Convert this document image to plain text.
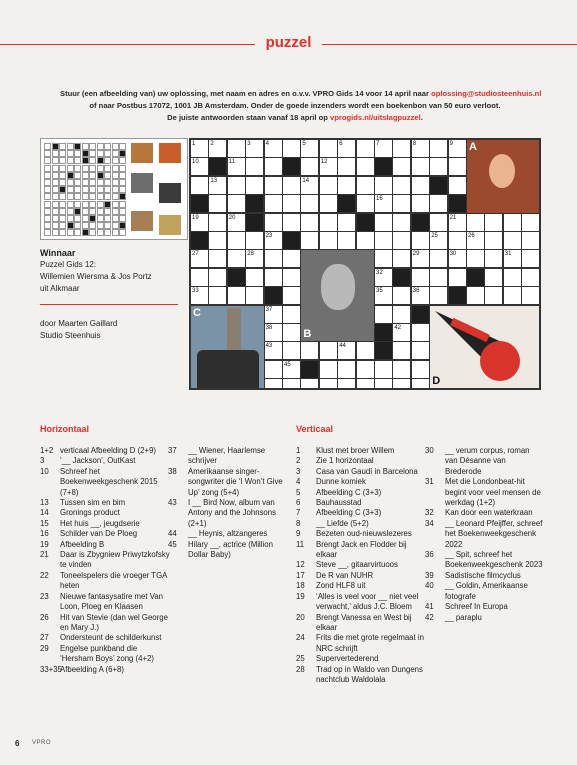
puzzel
Stuur (een afbeelding van) uw oplossing, met naam en adres en o.v.v. VPRO Gids 14 voor 14 april naar oplossing@studiosteenhuis.nl
of naar Postbus 17072, 1001 JB Amsterdam. Onder de goede inzenders wordt een boekenbon van 50 euro verloot.
De juiste antwoorden staan vanaf 18 april op vprogids.nl/uitslagpuzzel.
Winnaar
Puzzel Gids 12:
Willemien Wiersma & Jos Portz
uit Alkmaar
door Maarten Gaillard
Studio Steenhuis
1	2	3	4	5	6	7	8	9
10	11	12
13	14
16
19	20	21
23	25	26
27	28	29	30	31
32
33	35	36
37
38	42
43	44
45
A
B
C
D
Horizontaal	Verticaal
1+2 verticaal Afbeelding D (2+9)
3	‘__ Jackson’, OutKast
10	Schreef het Boekenweekgeschenk 2015 (7+8)
13	Tussen sim en bim
14	Gronings product
15	Het huis __, jeugdserie
16	Schilder van De Ploeg
19	Afbeelding B
21	Daar is Zbygniew Priwytzkofsky te vinden
22	Toneelspelers die vroeger TGA heten
23	Nieuwe fantasysatire met Van Loon, Ploeg en Klaasen
26	Hit van Stevie (dan wel George en Mary J.)
27	Ondersteunt de schilderkunst
29	Engelse punkband die ‘Hersham Boys’ zong (4+2)
33+35
Afbeelding A (6+8)
37	__ Wiener, Haarlemse schrijver
38	Amerikaanse singer-songwriter die ‘I Won’t Give Up’ zong (5+4)
43	I __ Bird Now, album van Antony and the Johnsons (2+1)
44	__ Heynis, altzangeres
45	Hilary __, actrice (Million Dollar Baby)
1	Klust met broer Willem
2	Zie 1 horizontaal
3	Casa van Gaudí in Barcelona
4	Dunne komiek
5	Afbeelding C (3+3)
6	Bauhausstad
7	Afbeelding C (3+3)
8	__ Liefde (5+2)
9	Bezeten oud-nieuwslezeres
11	Brengt Jack en Flodder bij elkaar
12	Steve __, gitaarvirtuoos
17	De R van NUHR
18	Zond HLF8 uit
19	‘Alles is veel voor __ niet veel verwacht,’ aldus J.C. Bloem
20	Brengt Vanessa en West bij elkaar
24	Frits die met grote regelmaat in NRC schrijft
25	Supervertederend
28	Trad op in Waldo van Dungens nachtclub Waldolala
30	__ verum corpus, roman van Désanne van Brederode
31	Met die Londonbeat-hit begint voor veel mensen de werkdag (1+2)
32	Kan door een waterkraan
34	__ Leonard Pfeijffer, schreef het Boekenweekgeschenk 2022
36	__ Spit, schreef het Boekenweekgeschenk 2023
39	Sadistische filmcyclus
40	__ Goldin, Amerikaanse fotografe
41	Schreef In Europa
42	__ paraplu
6 VPRO
